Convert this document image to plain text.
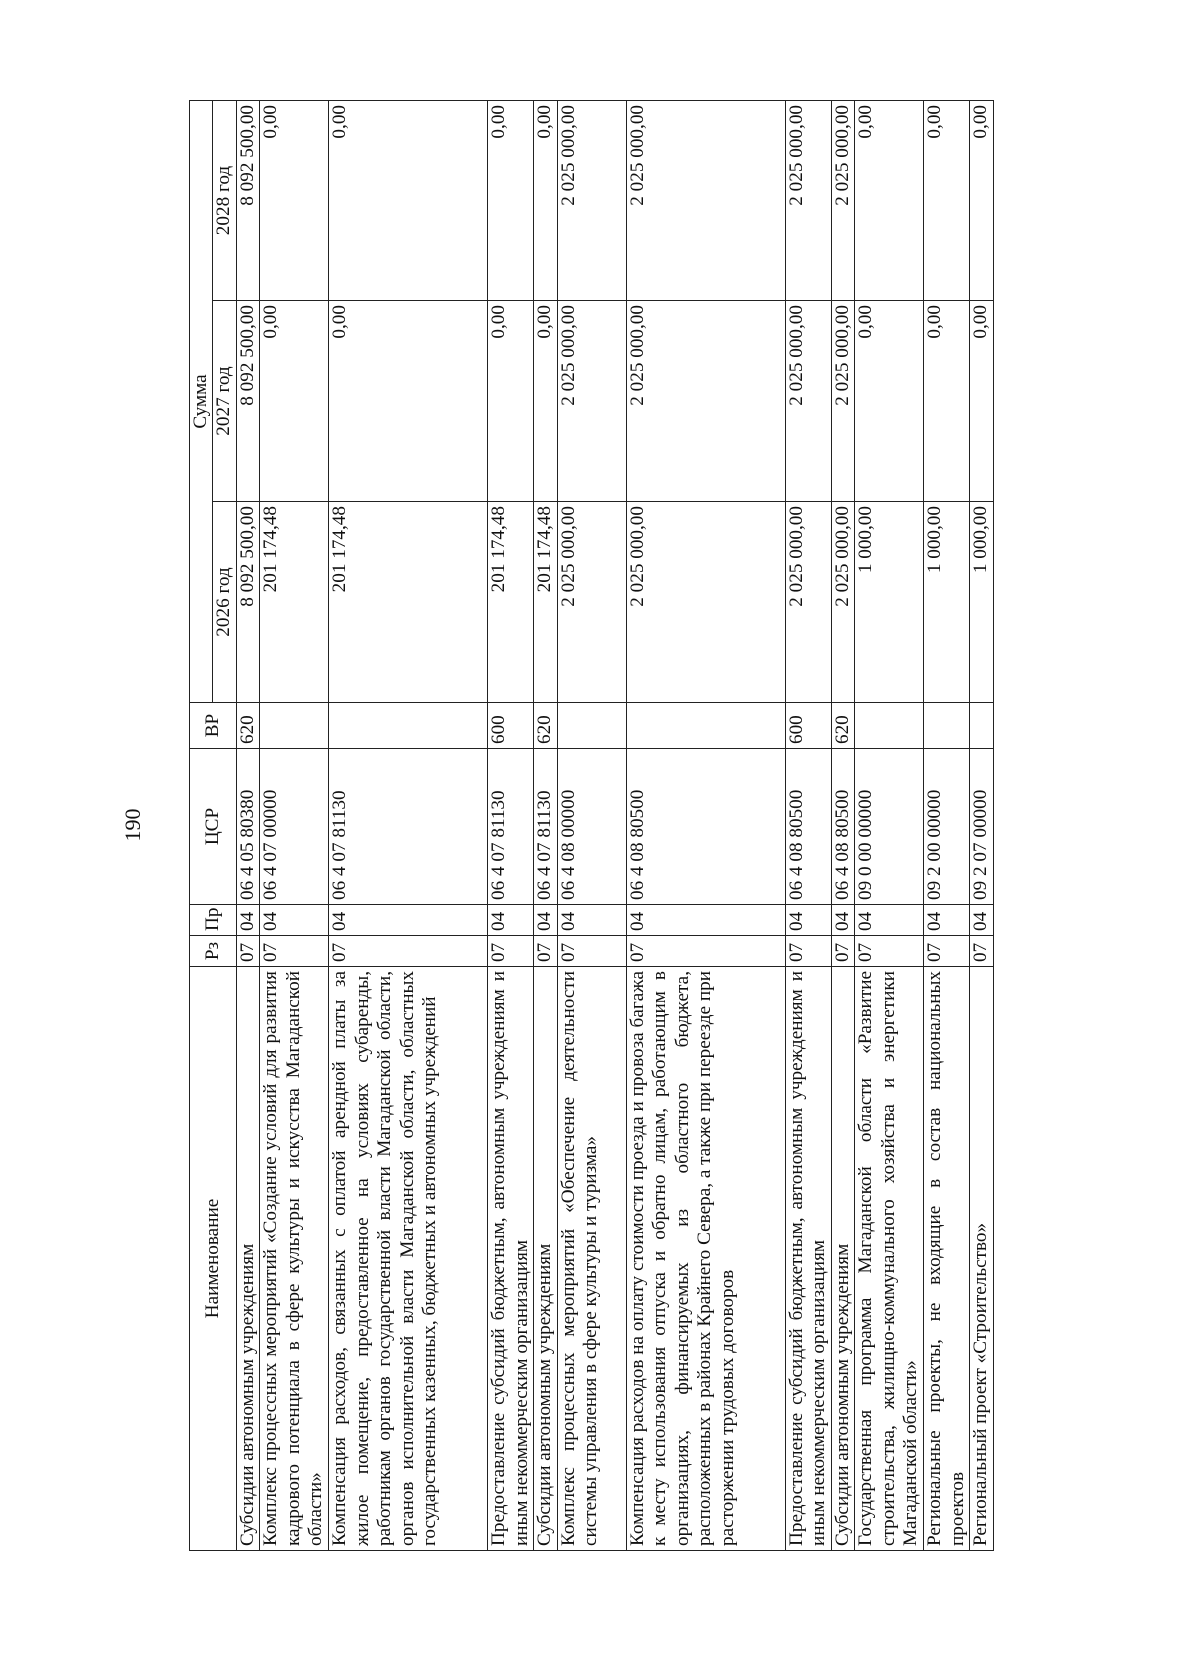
190
Наименование	Рз	Пр	ЦСР	ВР	Сумма		
					2026 год	2027 год	2028 год
Субсидии автономным учреждениям	07	04	06 4 05 80380	620	8 092 500,00	8 092 500,00	8 092 500,00
Комплекс процессных мероприятий «Создание условий для развития кадрового потенциала в сфере культуры и искусства Магаданской области»	07	04	06 4 07 00000		201 174,48	0,00	0,00
Компенсация расходов, связанных с оплатой арендной платы за жилое помещение, предоставленное на условиях субаренды, работникам органов государственной власти Магаданской области, органов исполнительной власти Магаданской области, областных государственных казенных, бюджетных и автономных учреждений	07	04	06 4 07 81130		201 174,48	0,00	0,00
Предоставление субсидий бюджетным, автономным учреждениям и иным некоммерческим организациям	07	04	06 4 07 81130	600	201 174,48	0,00	0,00
Субсидии автономным учреждениям	07	04	06 4 07 81130	620	201 174,48	0,00	0,00
Комплекс процессных мероприятий «Обеспечение деятельности системы управления в сфере культуры и туризма»	07	04	06 4 08 00000		2 025 000,00	2 025 000,00	2 025 000,00
Компенсация расходов на оплату стоимости проезда и провоза багажа к месту использования отпуска и обратно лицам, работающим в организациях, финансируемых из областного бюджета, расположенных в районах Крайнего Севера, а также при переезде при расторжении трудовых договоров	07	04	06 4 08 80500		2 025 000,00	2 025 000,00	2 025 000,00
Предоставление субсидий бюджетным, автономным учреждениям и иным некоммерческим организациям	07	04	06 4 08 80500	600	2 025 000,00	2 025 000,00	2 025 000,00
Субсидии автономным учреждениям	07	04	06 4 08 80500	620	2 025 000,00	2 025 000,00	2 025 000,00
Государственная программа Магаданской области «Развитие строительства, жилищно-коммунального хозяйства и энергетики Магаданской области»	07	04	09 0 00 00000		1 000,00	0,00	0,00
Региональные проекты, не входящие в состав национальных проектов	07	04	09 2 00 00000		1 000,00	0,00	0,00
Региональный проект «Строительство»	07	04	09 2 07 00000		1 000,00	0,00	0,00
